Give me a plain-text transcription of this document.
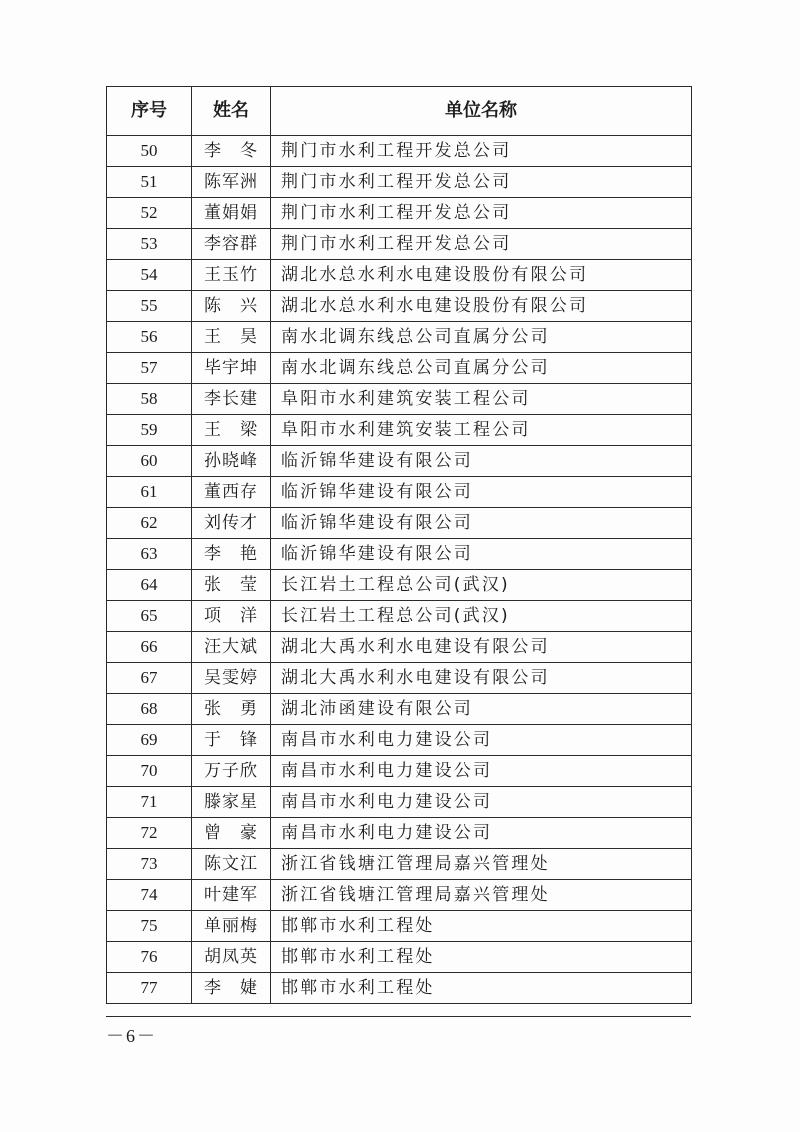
序号	姓名	单位名称
50	李　冬	荆门市水利工程开发总公司
51	陈军洲	荆门市水利工程开发总公司
52	董娟娟	荆门市水利工程开发总公司
53	李容群	荆门市水利工程开发总公司
54	王玉竹	湖北水总水利水电建设股份有限公司
55	陈　兴	湖北水总水利水电建设股份有限公司
56	王　昊	南水北调东线总公司直属分公司
57	毕宇坤	南水北调东线总公司直属分公司
58	李长建	阜阳市水利建筑安装工程公司
59	王　梁	阜阳市水利建筑安装工程公司
60	孙晓峰	临沂锦华建设有限公司
61	董西存	临沂锦华建设有限公司
62	刘传才	临沂锦华建设有限公司
63	李　艳	临沂锦华建设有限公司
64	张　莹	长江岩土工程总公司(武汉)
65	项　洋	长江岩土工程总公司(武汉)
66	汪大斌	湖北大禹水利水电建设有限公司
67	吴雯婷	湖北大禹水利水电建设有限公司
68	张　勇	湖北沛函建设有限公司
69	于　锋	南昌市水利电力建设公司
70	万子欣	南昌市水利电力建设公司
71	滕家星	南昌市水利电力建设公司
72	曾　豪	南昌市水利电力建设公司
73	陈文江	浙江省钱塘江管理局嘉兴管理处
74	叶建军	浙江省钱塘江管理局嘉兴管理处
75	单丽梅	邯郸市水利工程处
76	胡凤英	邯郸市水利工程处
77	李　婕	邯郸市水利工程处
－6－
